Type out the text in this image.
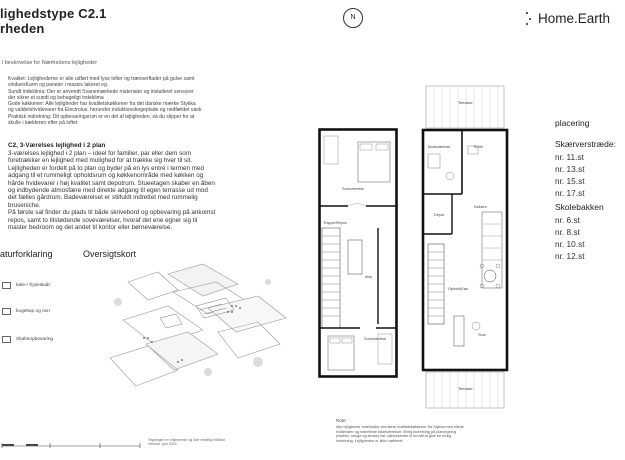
lighedstype C2.1
rheden
l beskrivelse for Nærhedens lejligheder
Kvalitet: Lejlighederne er alle udført med lyse lofter og træoverflader på gulve samt
vinduesKarm og paneler i massiv lakeret eg.
Sundt indeklima: Der er anvendt Svanemærkede materialer og installeret sensorer
der sikrer et sundt og behageligt indeklima
Gode køkkener: Alle lejligheder har kvalitetskøkkener fra det danske mærke Stykka
og validetshvidevarer fra Electrolux, herunder induktionskogeplade og nedfældet vask
Praktisk indretning: Dit opbevaringsrum er en del af lejligheden, så du slipper for at
skulle i kælderen efter på loftet
C2, 3-Værelses lejlighed i 2 plan
3-værelses lejlighed i 2 plan – ideel for familier, par eller dem som
foretrækker en lejlighed med mulighed for at trække sig hver til sit.
Lejligheden er fordelt på to plan og byder på en lys entré i termen med
adgang til et rummeligt opholdsrum og køkkenområde med køkken og
hårde hvidevarer i høj kvalitet samt depotrum. Stueetagen skaber en åben
og indbydende atmosfære med direkte adgang til egen terrasse ud mod
det fælles gårdrum. Badeværelset er stilfuldt indrettet med rummelig
bruseniche.
På første sal finder du plads til både skrivebord og opbevaring på ankomst
repos, samt to tilstødende soveværelser, hvoraf det ene egner sig til
master bedroom og det andet til kontor eller børneværelse.
aturforklaring	Oversigtskort
køle-/ fryseskab
kogeltop og ovn
Skabsopbevaring
Tegningen er vejledende og ikke endelig målfast
Version: juni 2024
N
Soveværelse
Trappe/Repos
disp
Soveværelse
Terrasse
Badeværelse	Entré
Depot
Køkken
Ophold/Køk
Stue
Terrasse
Note:
Alle lejligheder indeholder cirkulære kvalitetskøkkener fra Stykka med hårde
hvidevarer og indrettede badeværelser. Øvrig indretning på plantegning
(møbler, senge og skabe) har udelukkende til formål at give en mulig
indretning. Lejligheden er ikke møbleret.
Home.Earth
placering
Skærverstræde:
nr. 11.st
nr. 13.st
nr. 15.st
nr. 17.st
Skolebakken
nr. 6.st
nr. 8.st
nr. 10.st
nr. 12.st
